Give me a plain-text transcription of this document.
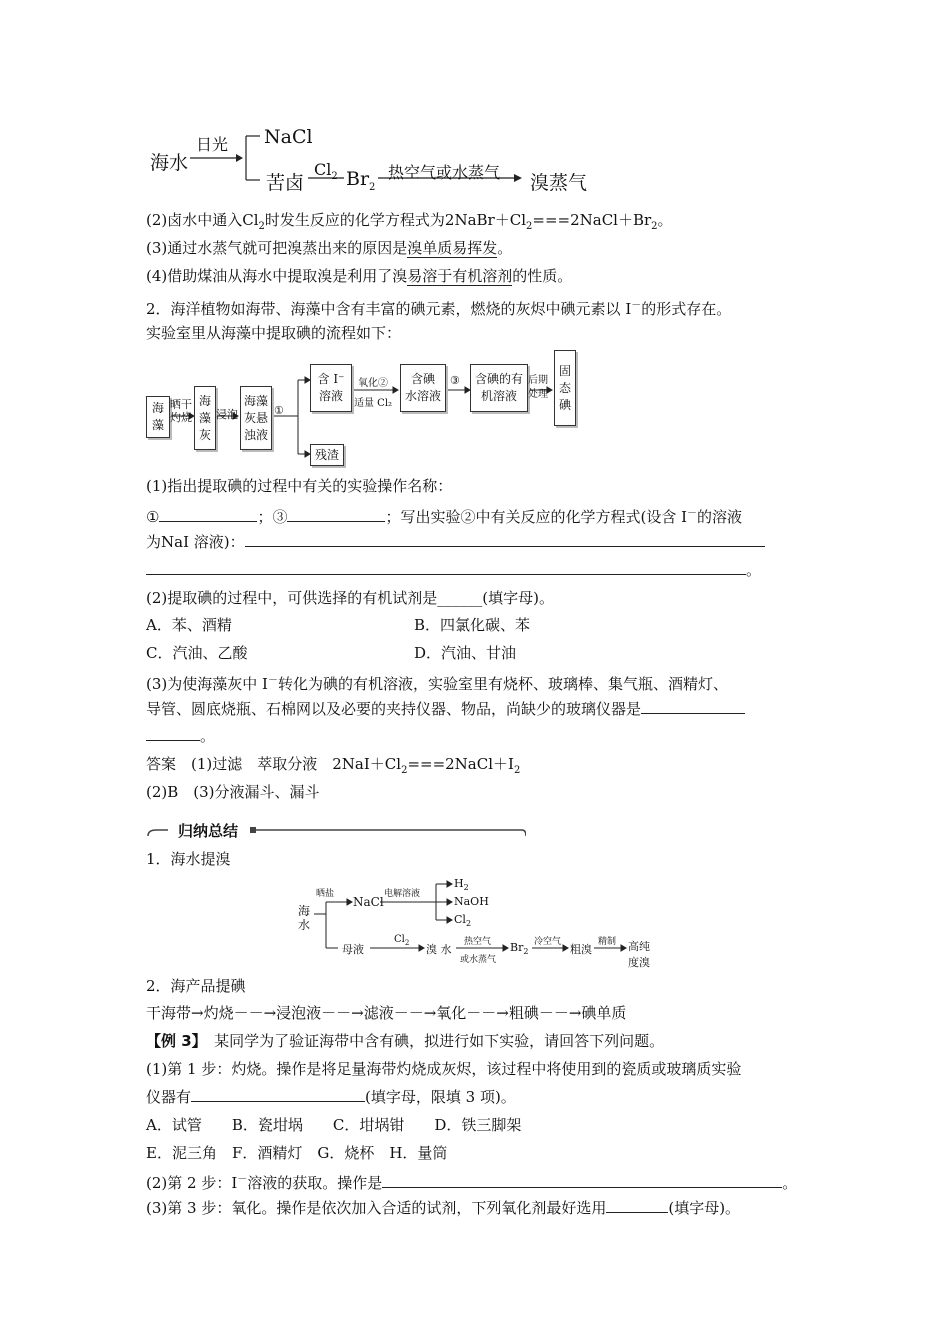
海水
日光 NaCl
苦卤
$Cl_2$ $Br_2$
热空气或水蒸气 溴蒸气
(2)卤水中通入$Cl_2$时发生反应的化学方程式为$2NaBr+Cl_2===2NaCl+Br_2$。
(3)通过水蒸气就可把溴蒸出来的原因是溴单质易挥发。
(4)借助煤油从海水中提取溴是利用了溴易溶于有机溶剂的性质。
2．海洋植物如海带、海藻中含有丰富的碘元素，燃烧的灰烬中碘元素以 I－的形式存在。
实验室里从海藻中提取碘的流程如下：
海
藻
晒干
灼烧
海
藻
灰
浸泡
海藻
灰悬
浊液
①
含 I⁻
溶液
氧化②
适量 Cl₂
含碘
水溶液
③	含碘的有
机溶液
后期
处理
固
态
碘
残渣
(1)指出提取碘的过程中有关的实验操作名称：
①	；③	；写出实验②中有关反应的化学方程式(设含 I－的溶液
为NaI 溶液)：
。
(2)提取碘的过程中，可供选择的有机试剂是______(填字母)。
A．苯、酒精	B．四氯化碳、苯
C．汽油、乙酸	D．汽油、甘油
(3)为使海藻灰中 I－转化为碘的有机溶液，实验室里有烧杯、玻璃棒、集气瓶、酒精灯、
导管、圆底烧瓶、石棉网以及必要的夹持仪器、物品，尚缺少的玻璃仪器是
。
答案　(1)过滤　萃取分液　$2NaI+Cl_2===2NaCl+I_2$
(2)B　(3)分液漏斗、漏斗
归纳总结
1．海水提溴
海
水
晒盐
NaCl
电解溶液
$H_2$
NaOH
$Cl_2$
母液
$Cl_2$ 溴 水
热空气
或水蒸气
$Br_2$
冷空气
粗溴
精制 高纯
度溴
2．海产品提碘
干海带→灼烧－－→浸泡液－－→滤液－－→氧化－－→粗碘－－→碘单质
【例 3】　某同学为了验证海带中含有碘，拟进行如下实验，请回答下列问题。
(1)第 1 步：灼烧。操作是将足量海带灼烧成灰烬，该过程中将使用到的瓷质或玻璃质实验
仪器有	(填字母，限填 3 项)。
A．试管　　B．瓷坩埚　　C．坩埚钳　　D．铁三脚架
E．泥三角　F．酒精灯　G．烧杯　H．量筒
(2)第 2 步：I－溶液的获取。操作是	。
(3)第 3 步：氧化。操作是依次加入合适的试剂，下列氧化剂最好选用	(填字母)。
